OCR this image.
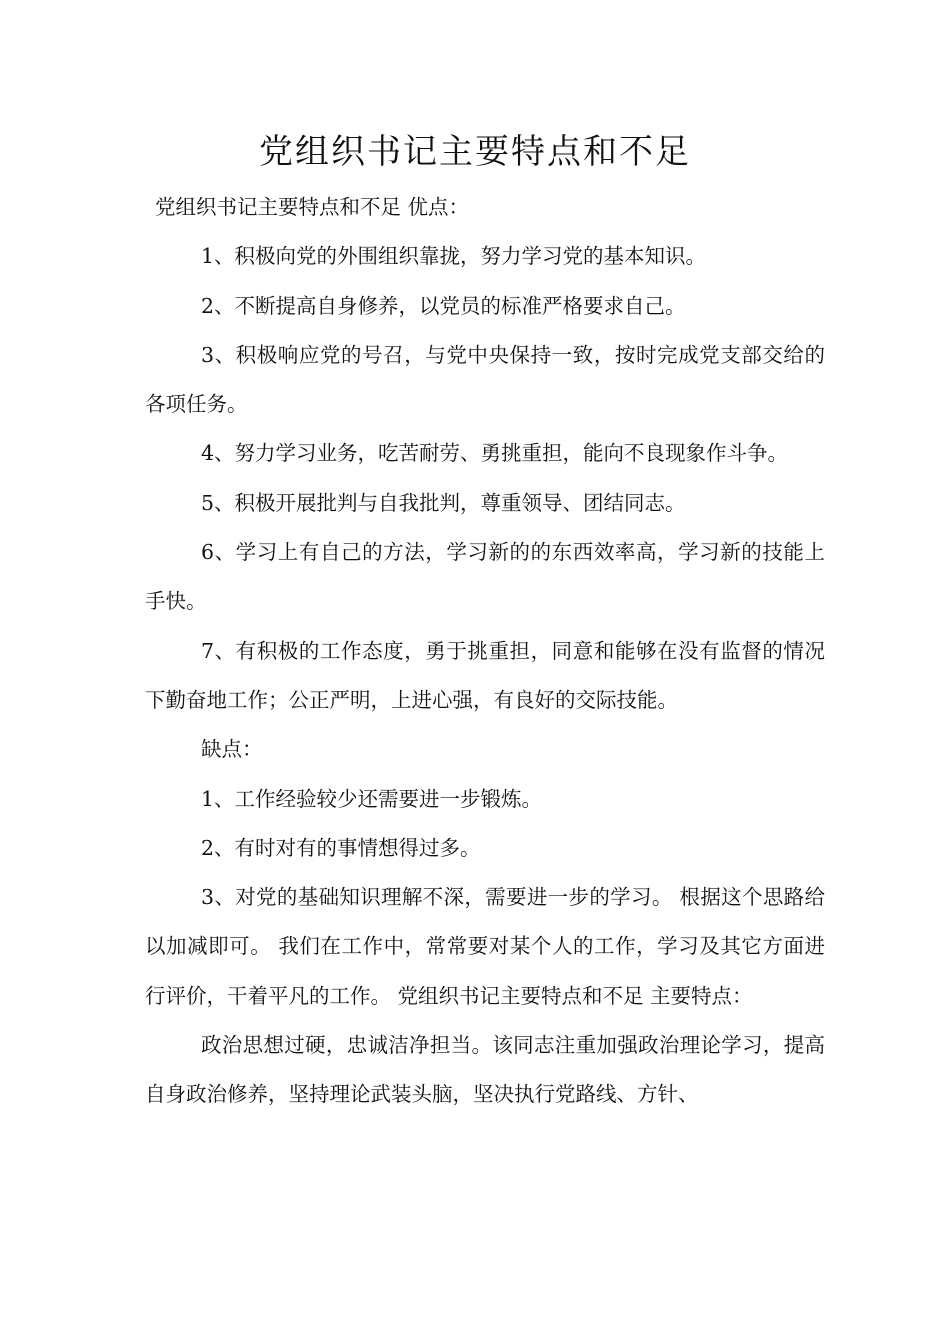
党组织书记主要特点和不足

党组织书记主要特点和不足 优点：

1、积极向党的外围组织靠拢，努力学习党的基本知识。

2、不断提高自身修养，以党员的标准严格要求自己。

3、积极响应党的号召，与党中央保持一致，按时完成党支部交给的各项任务。

4、努力学习业务，吃苦耐劳、勇挑重担，能向不良现象作斗争。

5、积极开展批判与自我批判，尊重领导、团结同志。

6、学习上有自己的方法，学习新的的东西效率高，学习新的技能上手快。

7、有积极的工作态度，勇于挑重担，同意和能够在没有监督的情况下勤奋地工作；公正严明，上进心强，有良好的交际技能。

缺点：

1、工作经验较少还需要进一步锻炼。

2、有时对有的事情想得过多。

3、对党的基础知识理解不深，需要进一步的学习。 根据这个思路给以加减即可。 我们在工作中，常常要对某个人的工作，学习及其它方面进行评价，干着平凡的工作。 党组织书记主要特点和不足 主要特点：

政治思想过硬，忠诚洁净担当。该同志注重加强政治理论学习，提高自身政治修养，坚持理论武装头脑，坚决执行党路线、方针、
